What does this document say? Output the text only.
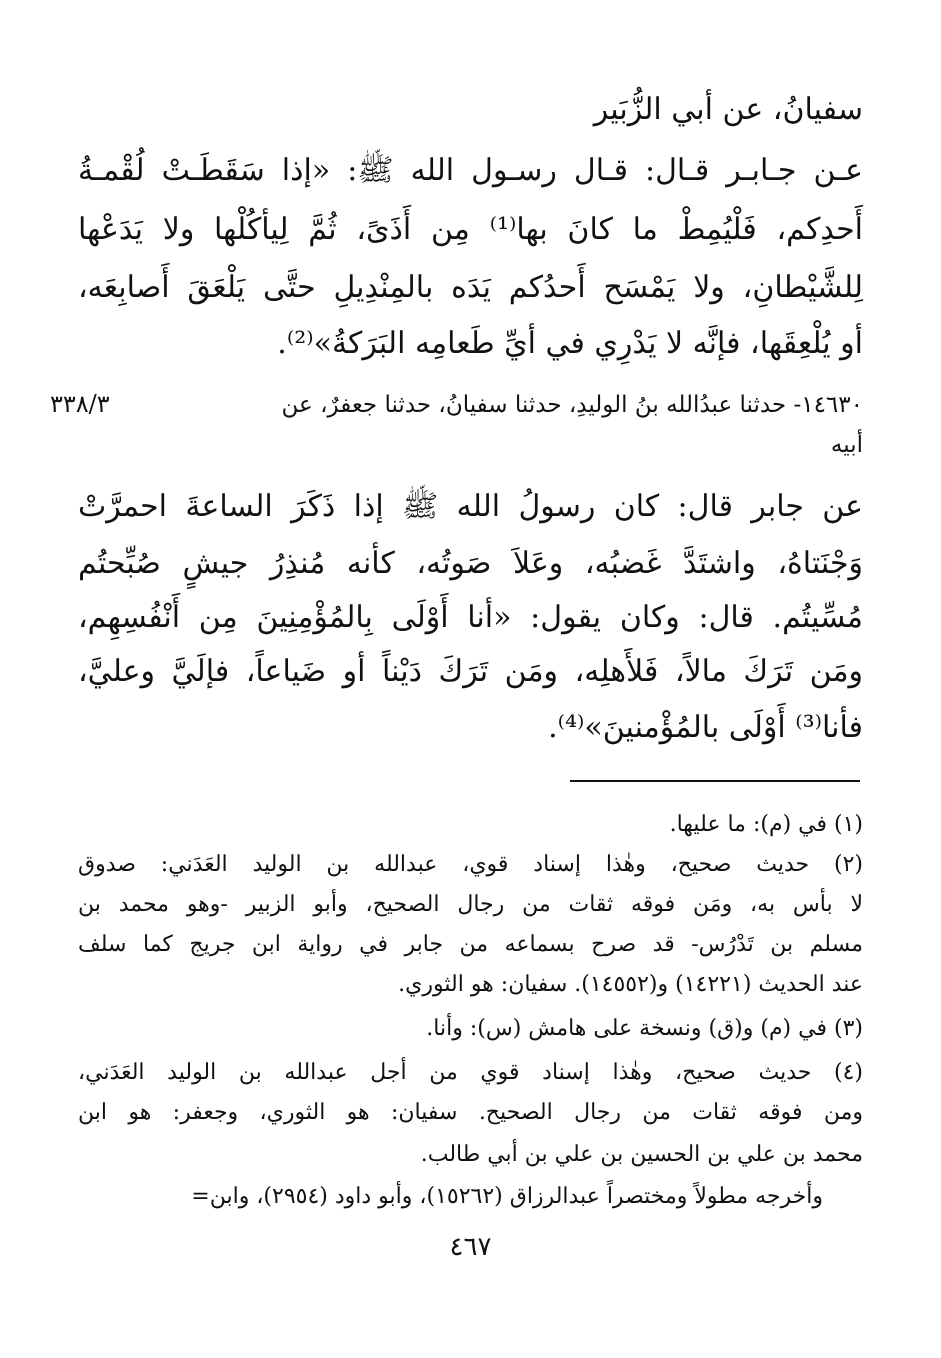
سفيانُ، عن أبي الزُّبَير
عـن جـابـر قـال: قـال رسـول الله ﷺ: «إذا سَقَطَـتْ لُقْمـةُ
أَحدِكم، فَلْيُمِطْ ما كانَ بها⁽¹⁾ مِن أَذَىً، ثُمَّ لِيأكُلْها ولا يَدَعْها
لِلشَّيْطانِ، ولا يَمْسَح أَحدُكم يَدَه بالمِنْدِيلِ حتَّى يَلْعَقَ أَصابِعَه،
أو يُلْعِقَها، فإنَّه لا يَدْرِي في أيِّ طَعامِه البَرَكةُ»⁽²⁾.
١٤٦٣٠- حدثنا عبدُالله بنُ الوليدِ، حدثنا سفيانُ، حدثنا جعفرٌ، عن
أبيه
٣٣٨/٣
عن جابر قال: كان رسولُ الله ﷺ إذا ذَكَرَ الساعةَ احمرَّتْ
وَجْنَتاهُ، واشتَدَّ غَضبُه، وعَلاَ صَوتُه، كأنه مُنذِرُ جيشٍ صُبِّحتُم
مُسِّيتُم. قال: وكان يقول: «أنا أَوْلَى بِالمُؤْمِنِينَ مِن أَنْفُسِهِم،
ومَن تَرَكَ مالاً، فَلأَهلِه، ومَن تَرَكَ دَيْناً أو ضَياعاً، فإلَيَّ وعليَّ،
فأنا⁽³⁾ أَوْلَى بالمُؤْمنينَ»⁽⁴⁾.
(١) في (م): ما عليها.
(٢) حديث صحيح، وهٰذا إسناد قوي، عبدالله بن الوليد العَدَني: صدوق
لا بأس به، ومَن فوقه ثقات من رجال الصحيح، وأبو الزبير -وهو محمد بن
مسلم بن تَدْرُس- قد صرح بسماعه من جابر في رواية ابن جريج كما سلف
عند الحديث (١٤٢٢١) و(١٤٥٥٢). سفيان: هو الثوري.
(٣) في (م) و(ق) ونسخة على هامش (س): وأنا.
(٤) حديث صحيح، وهٰذا إسناد قوي من أجل عبدالله بن الوليد العَدَني،
ومن فوقه ثقات من رجال الصحيح. سفيان: هو الثوري، وجعفر: هو ابن
محمد بن علي بن الحسين بن علي بن أبي طالب.
وأخرجه مطولاً ومختصراً عبدالرزاق (١٥٢٦٢)، وأبو داود (٢٩٥٤)، وابن=
٤٦٧
